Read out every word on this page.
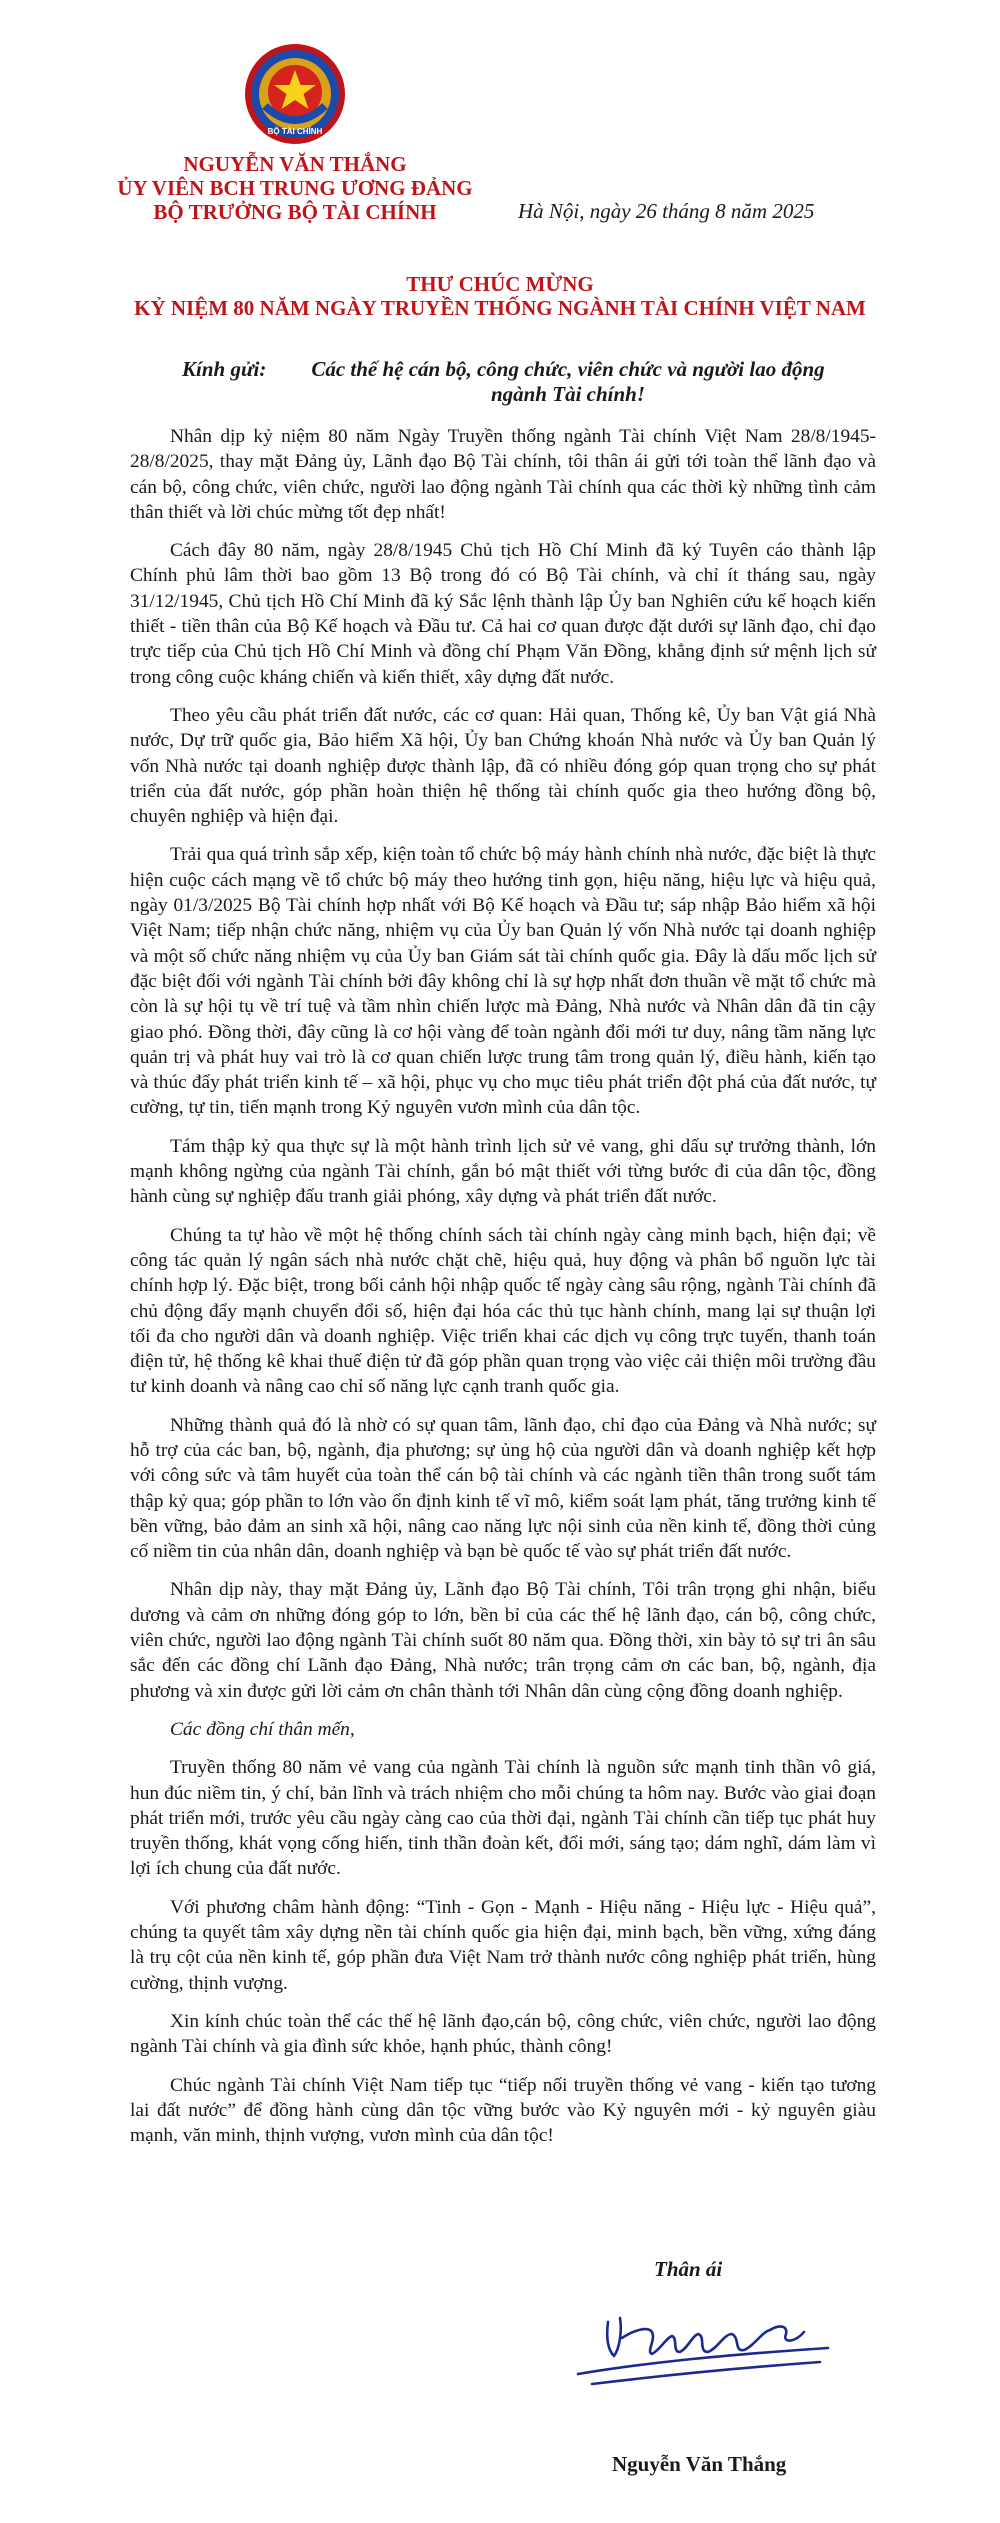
BỘ TÀI CHÍNH
NGUYỄN VĂN THẮNG
ỦY VIÊN BCH TRUNG ƯƠNG ĐẢNG
BỘ TRƯỞNG BỘ TÀI CHÍNH	Hà Nội, ngày 26 tháng 8 năm 2025
THƯ CHÚC MỪNG
KỶ NIỆM 80 NĂM NGÀY TRUYỀN THỐNG NGÀNH TÀI CHÍNH VIỆT NAM
Kính gửi:	Các thế hệ cán bộ, công chức, viên chức và người lao động ngành Tài chính!

Nhân dịp kỷ niệm 80 năm Ngày Truyền thống ngành Tài chính Việt Nam 28/8/1945-28/8/2025, thay mặt Đảng ủy, Lãnh đạo Bộ Tài chính, tôi thân ái gửi tới toàn thể lãnh đạo và cán bộ, công chức, viên chức, người lao động ngành Tài chính qua các thời kỳ những tình cảm thân thiết và lời chúc mừng tốt đẹp nhất!

Cách đây 80 năm, ngày 28/8/1945 Chủ tịch Hồ Chí Minh đã ký Tuyên cáo thành lập Chính phủ lâm thời bao gồm 13 Bộ trong đó có Bộ Tài chính, và chỉ ít tháng sau, ngày 31/12/1945, Chủ tịch Hồ Chí Minh đã ký Sắc lệnh thành lập Ủy ban Nghiên cứu kế hoạch kiến thiết - tiền thân của Bộ Kế hoạch và Đầu tư. Cả hai cơ quan được đặt dưới sự lãnh đạo, chỉ đạo trực tiếp của Chủ tịch Hồ Chí Minh và đồng chí Phạm Văn Đồng, khẳng định sứ mệnh lịch sử trong công cuộc kháng chiến và kiến thiết, xây dựng đất nước.

Theo yêu cầu phát triển đất nước, các cơ quan: Hải quan, Thống kê, Ủy ban Vật giá Nhà nước, Dự trữ quốc gia, Bảo hiểm Xã hội, Ủy ban Chứng khoán Nhà nước và Ủy ban Quản lý vốn Nhà nước tại doanh nghiệp được thành lập, đã có nhiều đóng góp quan trọng cho sự phát triển của đất nước, góp phần hoàn thiện hệ thống tài chính quốc gia theo hướng đồng bộ, chuyên nghiệp và hiện đại.

Trải qua quá trình sắp xếp, kiện toàn tổ chức bộ máy hành chính nhà nước, đặc biệt là thực hiện cuộc cách mạng về tổ chức bộ máy theo hướng tinh gọn, hiệu năng, hiệu lực và hiệu quả, ngày 01/3/2025 Bộ Tài chính hợp nhất với Bộ Kế hoạch và Đầu tư; sáp nhập Bảo hiểm xã hội Việt Nam; tiếp nhận chức năng, nhiệm vụ của Ủy ban Quản lý vốn Nhà nước tại doanh nghiệp và một số chức năng nhiệm vụ của Ủy ban Giám sát tài chính quốc gia. Đây là dấu mốc lịch sử đặc biệt đối với ngành Tài chính bởi đây không chỉ là sự hợp nhất đơn thuần về mặt tổ chức mà còn là sự hội tụ về trí tuệ và tầm nhìn chiến lược mà Đảng, Nhà nước và Nhân dân đã tin cậy giao phó. Đồng thời, đây cũng là cơ hội vàng để toàn ngành đổi mới tư duy, nâng tầm năng lực quản trị và phát huy vai trò là cơ quan chiến lược trung tâm trong quản lý, điều hành, kiến tạo và thúc đẩy phát triển kinh tế – xã hội, phục vụ cho mục tiêu phát triển đột phá của đất nước, tự cường, tự tin, tiến mạnh trong Kỷ nguyên vươn mình của dân tộc.

Tám thập kỷ qua thực sự là một hành trình lịch sử vẻ vang, ghi dấu sự trưởng thành, lớn mạnh không ngừng của ngành Tài chính, gắn bó mật thiết với từng bước đi của dân tộc, đồng hành cùng sự nghiệp đấu tranh giải phóng, xây dựng và phát triển đất nước.

Chúng ta tự hào về một hệ thống chính sách tài chính ngày càng minh bạch, hiện đại; về công tác quản lý ngân sách nhà nước chặt chẽ, hiệu quả, huy động và phân bổ nguồn lực tài chính hợp lý. Đặc biệt, trong bối cảnh hội nhập quốc tế ngày càng sâu rộng, ngành Tài chính đã chủ động đẩy mạnh chuyển đổi số, hiện đại hóa các thủ tục hành chính, mang lại sự thuận lợi tối đa cho người dân và doanh nghiệp. Việc triển khai các dịch vụ công trực tuyến, thanh toán điện tử, hệ thống kê khai thuế điện tử đã góp phần quan trọng vào việc cải thiện môi trường đầu tư kinh doanh và nâng cao chỉ số năng lực cạnh tranh quốc gia.

Những thành quả đó là nhờ có sự quan tâm, lãnh đạo, chỉ đạo của Đảng và Nhà nước; sự hỗ trợ của các ban, bộ, ngành, địa phương; sự ủng hộ của người dân và doanh nghiệp kết hợp với công sức và tâm huyết của toàn thể cán bộ tài chính và các ngành tiền thân trong suốt tám thập kỷ qua; góp phần to lớn vào ổn định kinh tế vĩ mô, kiểm soát lạm phát, tăng trưởng kinh tế bền vững, bảo đảm an sinh xã hội, nâng cao năng lực nội sinh của nền kinh tế, đồng thời củng cố niềm tin của nhân dân, doanh nghiệp và bạn bè quốc tế vào sự phát triển đất nước.

Nhân dịp này, thay mặt Đảng ủy, Lãnh đạo Bộ Tài chính, Tôi trân trọng ghi nhận, biểu dương và cảm ơn những đóng góp to lớn, bền bỉ của các thế hệ lãnh đạo, cán bộ, công chức, viên chức, người lao động ngành Tài chính suốt 80 năm qua. Đồng thời, xin bày tỏ sự tri ân sâu sắc đến các đồng chí Lãnh đạo Đảng, Nhà nước; trân trọng cảm ơn các ban, bộ, ngành, địa phương và xin được gửi lời cảm ơn chân thành tới Nhân dân cùng cộng đồng doanh nghiệp.

Các đồng chí thân mến,

Truyền thống 80 năm vẻ vang của ngành Tài chính là nguồn sức mạnh tinh thần vô giá, hun đúc niềm tin, ý chí, bản lĩnh và trách nhiệm cho mỗi chúng ta hôm nay. Bước vào giai đoạn phát triển mới, trước yêu cầu ngày càng cao của thời đại, ngành Tài chính cần tiếp tục phát huy truyền thống, khát vọng cống hiến, tinh thần đoàn kết, đổi mới, sáng tạo; dám nghĩ, dám làm vì lợi ích chung của đất nước.

Với phương châm hành động: “Tinh - Gọn - Mạnh - Hiệu năng - Hiệu lực - Hiệu quả”, chúng ta quyết tâm xây dựng nền tài chính quốc gia hiện đại, minh bạch, bền vững, xứng đáng là trụ cột của nền kinh tế, góp phần đưa Việt Nam trở thành nước công nghiệp phát triển, hùng cường, thịnh vượng.

Xin kính chúc toàn thể các thế hệ lãnh đạo,cán bộ, công chức, viên chức, người lao động ngành Tài chính và gia đình sức khỏe, hạnh phúc, thành công!

Chúc ngành Tài chính Việt Nam tiếp tục “tiếp nối truyền thống vẻ vang - kiến tạo tương lai đất nước” để đồng hành cùng dân tộc vững bước vào Kỷ nguyên mới - kỷ nguyên giàu mạnh, văn minh, thịnh vượng, vươn mình của dân tộc!

Thân ái
Nguyễn Văn Thắng
